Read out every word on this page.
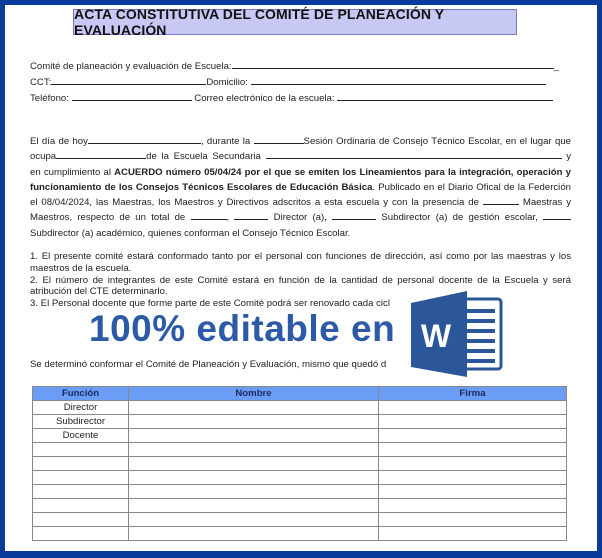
ACTA CONSTITUTIVA DEL COMITÉ DE PLANEACIÓN Y EVALUACIÓN
Comité de planeación y evaluación de Escuela:	_
CCT:	Domicilio:
Teléfono:	Correo electrónico de la escuela:
El día de hoy	, durante la	Sesión Ordinaria de Consejo Técnico Escolar, en el lugar que ocupa	de la Escuela Secundaria	y en cumplimiento al ACUERDO número 05/04/24 por el que se emiten los Lineamientos para la integración, operación y funcionamiento de los Consejos Técnicos Escolares de Educación Básica. Publicado en el Diario Ofical de la Federción el 08/04/2024, las Maestras, los Maestros y Directivos adscritos a esta escuela y con la presencia de	Maestras y Maestros, respecto de un total de	,	Director (a),	Subdirector (a) de gestión escolar,  Subdirector (a) académico, quienes conforman el Consejo Técnico Escolar.

1. El presente comité estará conformado tanto por el personal con funciones de dirección, así como por las maestras y los maestros de la escuela.

2. El número de integrantes de este Comité estará en función de la cantidad de personal docente de la Escuela y será atribución del CTE determinarlo.

3. El Personal docente que forme parte de este Comité podrá ser renovado cada cicl

100% editable en
Se determinó conformar el Comité de Planeación y Evaluación, mismo que quedó d
W
Función	Nombre	Firma
Director		
Subdirector		
Docente		
